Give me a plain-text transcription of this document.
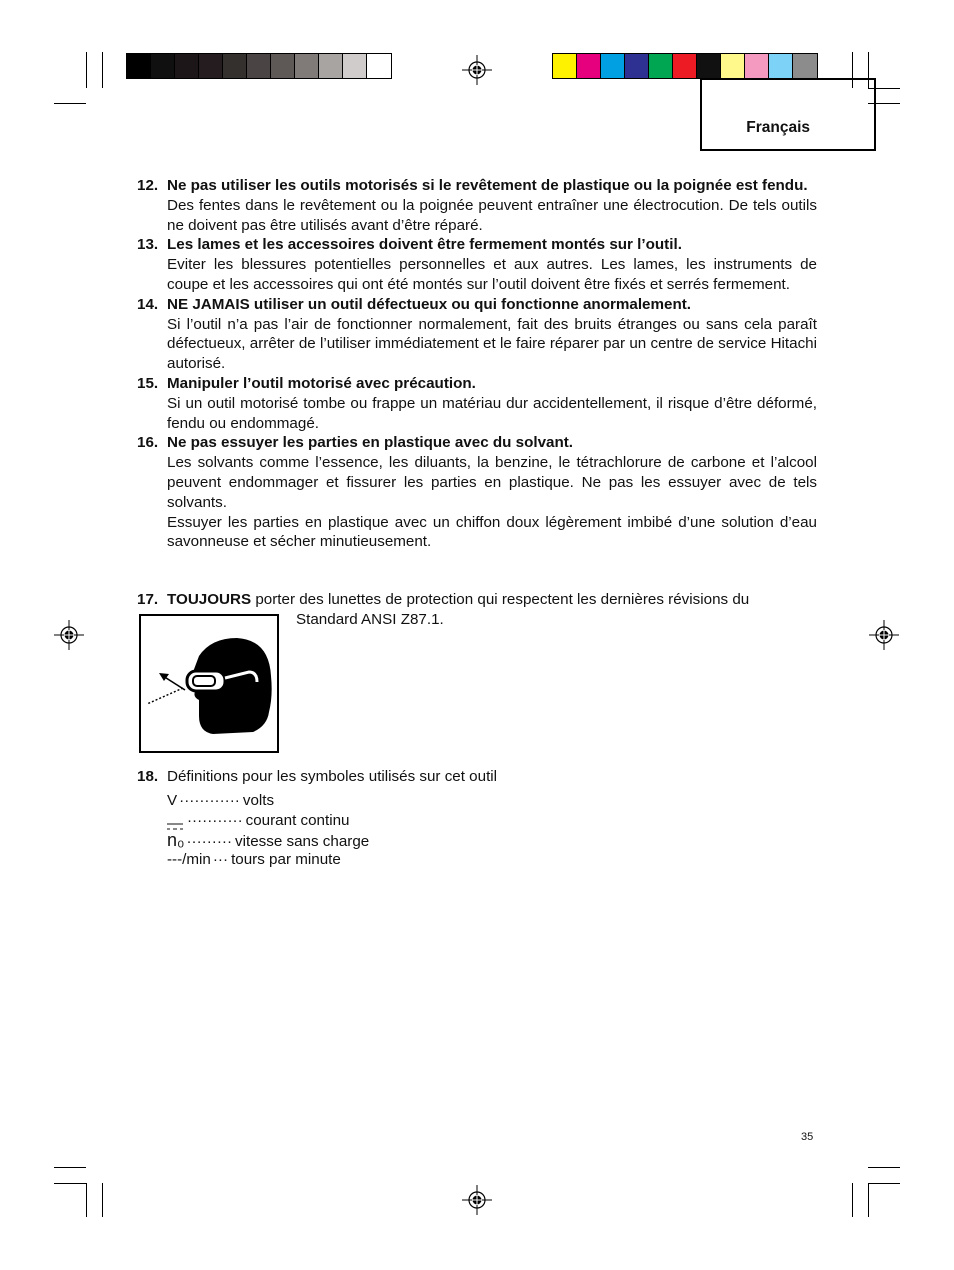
Français
12. Ne pas utiliser les outils motorisés si le revêtement de plastique ou la poignée est fendu.
Des fentes dans le revêtement ou la poignée peuvent entraîner une électrocution. De tels outils ne doivent pas être utilisés avant d’être réparé.
13. Les lames et les accessoires doivent être fermement montés sur l’outil.
Eviter les blessures potentielles personnelles et aux autres. Les lames, les instruments de coupe et les accessoires qui ont été montés sur l’outil doivent être fixés et serrés fermement.
14. NE JAMAIS utiliser un outil défectueux ou qui fonctionne anormalement.
Si l’outil n’a pas l’air de fonctionner normalement, fait des bruits étranges ou sans cela paraît défectueux, arrêter de l’utiliser immédiatement et le faire réparer par un centre de service Hitachi autorisé.
15. Manipuler l’outil motorisé avec précaution.
Si un outil motorisé tombe ou frappe un matériau dur accidentellement, il risque d’être déformé, fendu ou endommagé.
16. Ne pas essuyer les parties en plastique avec du solvant.
Les solvants comme l’essence, les diluants, la benzine, le tétrachlorure de carbone et l’alcool peuvent endommager et fissurer les parties en plastique. Ne pas les essuyer avec de tels solvants.
Essuyer les parties en plastique avec un chiffon doux légèrement imbibé d’une solution d’eau savonneuse et sécher minutieusement.
17. TOUJOURS porter des lunettes de protection qui respectent les dernières révisions du
Standard ANSI Z87.1.
18. Définitions pour les symboles utilisés sur cet outil
V ············ volts
··········· courant continu
n₀ ········· vitesse sans charge
---/min ··· tours par minute
35
